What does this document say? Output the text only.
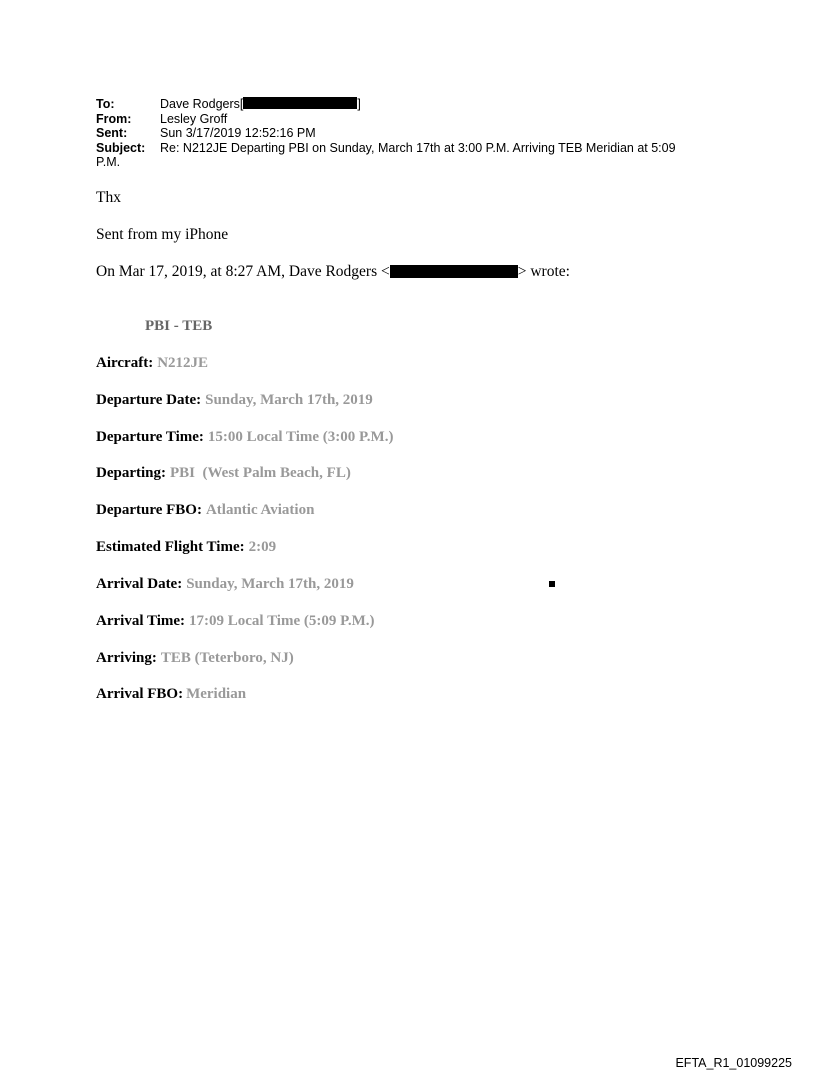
To:	Dave Rodgers[	]
From:	Lesley Groff
Sent:	Sun 3/17/2019 12:52:16 PM
Subject:	Re: N212JE Departing PBI on Sunday, March 17th at 3:00 P.M. Arriving TEB Meridian at 5:09
P.M.
Thx
Sent from my iPhone
On Mar 17, 2019, at 8:27 AM, Dave Rodgers <	> wrote:
PBI - TEB
Aircraft: N212JE
Departure Date: Sunday, March 17th, 2019
Departure Time: 15:00 Local Time (3:00 P.M.)
Departing: PBI  (West Palm Beach, FL)
Departure FBO: Atlantic Aviation
Estimated Flight Time: 2:09
Arrival Date: Sunday, March 17th, 2019
Arrival Time: 17:09 Local Time (5:09 P.M.)
Arriving: TEB (Teterboro, NJ)
Arrival FBO: Meridian
EFTA_R1_01099225
